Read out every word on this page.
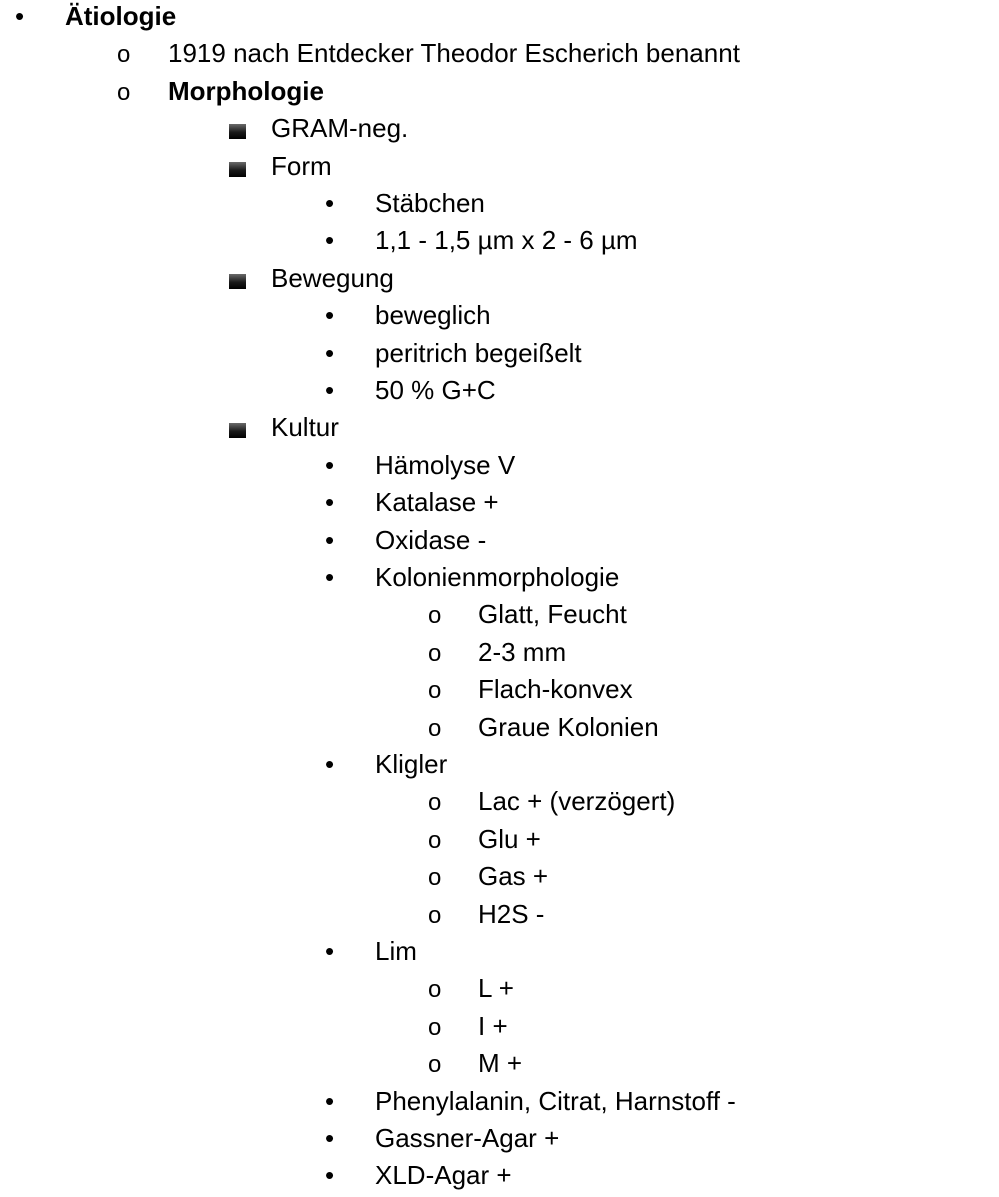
• Ätiologie
o 1919 nach Entdecker Theodor Escherich benannt
o Morphologie
GRAM-neg.
Form
• Stäbchen
• 1,1 - 1,5 µm x 2 - 6 µm
Bewegung
• beweglich
• peritrich begeißelt
• 50 % G+C
Kultur
• Hämolyse V
• Katalase +
• Oxidase -
• Kolonienmorphologie
o Glatt, Feucht
o 2-3 mm
o Flach-konvex
o Graue Kolonien
• Kligler
o Lac + (verzögert)
o Glu +
o Gas +
o H2S -
• Lim
o L +
o I +
o M +
• Phenylalanin, Citrat, Harnstoff -
• Gassner-Agar +
• XLD-Agar +
